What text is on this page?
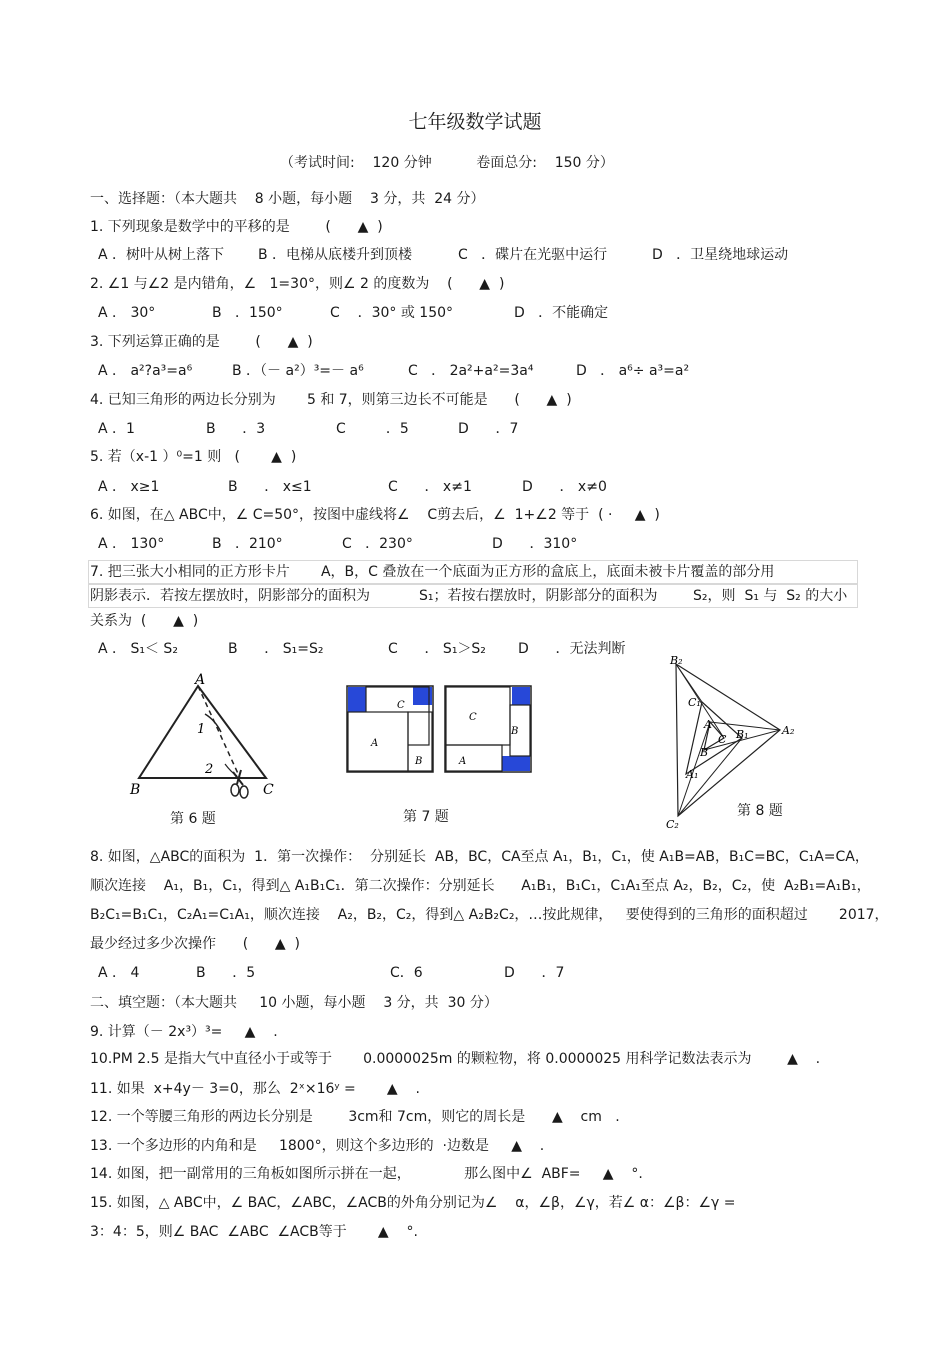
七年级数学试题
（考试时间:    120 分钟          卷面总分:    150 分）
一、选择题：（本大题共    8 小题，每小题    3 分，共  24 分）
1. 下列现象是数学中的平移的是        (      ▲  )
A ．树叶从树上落下 B ．电梯从底楼升到顶楼	C   ．碟片在光驱中运行	D   ．卫星绕地球运动
2. ∠1 与∠2 是内错角，∠   1=30°，则∠ 2 的度数为    (      ▲  )
A ． 30°	B   ．150°	C    ．30° 或 150°	D   ．不能确定
3. 下列运算正确的是        (      ▲  )
A ． a²?a³=a⁶	B ．（－ a²）³=－ a⁶	C   ． 2a²+a²=3a⁴	D   ． a⁶÷ a³=a²
4. 已知三角形的两边长分别为       5 和 7，则第三边长不可能是      (      ▲  )
A ．1	B      ．3	C         ．5	D      ．7
5. 若（x-1 ）⁰=1 则   (       ▲  )
A ． x≥1	B      ． x≤1	C      ． x≠1	D      ． x≠0
6. 如图，在△ ABC中，∠ C=50°，按图中虚线将∠    C剪去后，∠  1+∠2 等于  ( ·     ▲  )
A ． 130°	B   ．210°	C   ．230°	D      ．310°
7. 把三张大小相同的正方形卡片       A，B，C 叠放在一个底面为正方形的盒底上，底面未被卡片覆盖的部分用
阴影表示．若按左摆放时，阴影部分的面积为           S₁；若按右摆放时，阴影部分的面积为        S₂，则  S₁ 与  S₂ 的大小
关系为  (      ▲  )
A ． S₁＜ S₂	B      ． S₁=S₂	C      ． S₁＞S₂ D      ．无法判断
A
B	C
1
2
第 6 题
C
A
B
C
B
A
第 7 题
B₂
C₁
A
B₁
C
A₂
B
A₁
C₂
第 8 题
8. 如图，△ABC的面积为  1．第一次操作：  分别延长  AB，BC，CA至点 A₁，B₁，C₁，使 A₁B=AB，B₁C=BC，C₁A=CA，
顺次连接    A₁，B₁，C₁，得到△ A₁B₁C₁．第二次操作：分别延长      A₁B₁，B₁C₁，C₁A₁至点 A₂，B₂，C₂，使  A₂B₁=A₁B₁，
B₂C₁=B₁C₁，C₂A₁=C₁A₁，顺次连接    A₂，B₂，C₂，得到△ A₂B₂C₂，…按此规律，   要使得到的三角形的面积超过       2017，
最少经过多少次操作      (      ▲  )
A ． 4	B      ．5	C．6	D      ．7
二、填空题：（本大题共     10 小题，每小题    3 分，共  30 分）
9. 计算（－ 2x³）³=     ▲    .
10.PM 2.5 是指大气中直径小于或等于       0.0000025m 的颗粒物，将 0.0000025 用科学记数法表示为        ▲    .
11. 如果  x+4y－ 3=0，那么  2ˣ×16ʸ =       ▲    .
12. 一个等腰三角形的两边长分别是        3cm和 7cm，则它的周长是      ▲    cm   .
13. 一个多边形的内角和是     1800°，则这个多边形的  ·边数是     ▲    .
14. 如图，把一副常用的三角板如图所示拼在一起，            那么图中∠  ABF=     ▲    °.
15. 如图，△ ABC中，∠ BAC，∠ABC，∠ACB的外角分别记为∠    α，∠β，∠γ，若∠ α：∠β：∠γ =
3：4：5，则∠ BAC  ∠ABC  ∠ACB等于       ▲    °.
